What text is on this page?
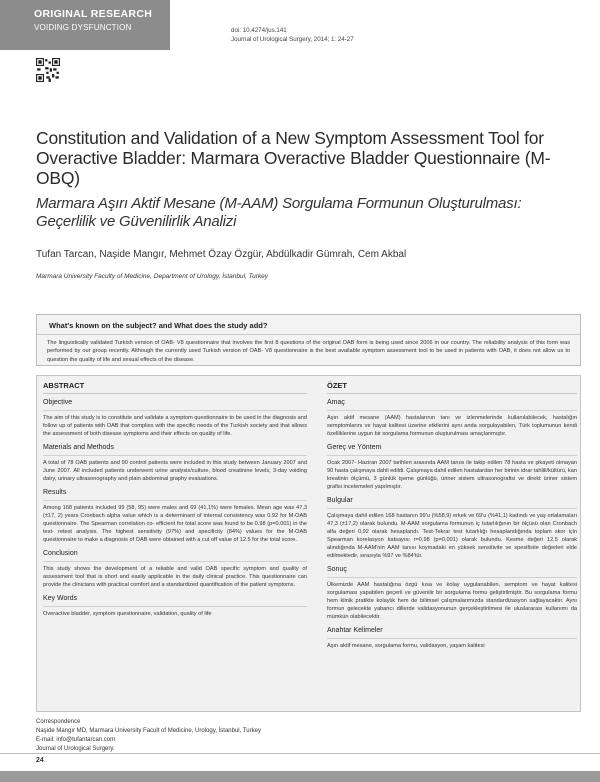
ORIGINAL RESEARCH
VOIDING DYSFUNCTION	doi: 10.4274/jus.141
Journal of Urological Surgery, 2014; 1: 24-27
Constitution and Validation of a New Symptom Assessment Tool for Overactive Bladder: Marmara Overactive Bladder Questionnaire (M-OBQ)
Marmara Aşırı Aktif Mesane (M-AAM) Sorgulama Formunun Oluşturulması: Geçerlilik ve Güvenilirlik Analizi
Tufan Tarcan, Naşide Mangır, Mehmet Özay Özgür, Abdülkadir Gümrah, Cem Akbal
Marmara University Faculty of Medicine, Department of Urology, İstanbul, Turkey
What's known on the subject? and What does the study add?
The linguistically validated Turkish version of OAB- V8 questionnaire that involves the first 8 questions of the original OAB form is being used since 2006 in our country. The reliability analysis of this form was performed by our group recently. Although the currently used Turkish version of OAB- V8 questionnaire is the best available symptom assessment tool to be used in patients with OAB, it does not allow us to question the quality of life and sexual effects of the disease.
ABSTRACT
Objective

The aim of this study is to constitute and validate a symptom questionnaire to be used in the diagnosis and follow up of patients with OAB that complies with the specific needs of the Turkish society and that allows the assessment of both disease symptoms and their effects on quality of life.

Materials and Methods

A total of 78 OAB patients and 90 control patients were included in this study between January 2007 and June 2007. All included patients underwent urine analysis/culture, blood creatinine levels, 3-day voiding dairy, urinary ultrasonography and plain abdominal graphy evaluations.

Results

Among 168 patients included 99 (58, 95) were males and 69 (41,1%) were females. Mean age was 47,3 (±17, 2) years Cronbach alpha value which is a determinant of internal consistency was 0.92 for M-OAB questionnaire. The Spearman correlation co- efficient for total score was found to be 0.98 (p=0.001) in the test- retest analysis. The highest sensitivity (97%) and specificity (84%) values for the M-OAB questionnaire to make a diagnosis of OAB were obtained with a cut off value of 12.5 for the total score.

Conclusion

This study shows the development of a reliable and valid OAB specific symptom and quality of assessment tool that is short and easily applicable in the daily clinical practice. This questionnaire can provide the clinicians with practical comfort and a standardized quantification of the patient symptoms.

Key Words

Overactive bladder, symptom questionnaire, validation, quality of life

ÖZET
Amaç

Aşırı aktif mesane (AAM) hastalarının tanı ve izlenmelerinde kullanılabilecek, hastalığın semptomlarını ve hayat kalitesi üzerine etkilerini aynı anda sorgulayabilen, Türk toplumunun kendi özelliklerine uygun bir sorgulama formunun oluşturulması amaçlanmıştır.

Gereç ve Yöntem

Ocak 2007- Haziran 2007 tarihleri arasında AAM tanısı ile takip edilen 78 hasta ve şikayeti olmayan 90 hasta çalışmaya dahil edildi. Çalışmaya dahil edilen hastalardan her birinin idrar tahlili/kültürü, kan kreatinin ölçümü, 3 günlük işeme günlüğü, üriner sistem ultrasonografisi ve direkt üriner sistem grafisi incelemeleri yapılmıştır.

Bulgular

Çalışmaya dahil edilen 168 hastanın 99'u (%58,9) erkek ve 69'u (%41,1) kadındı ve yaş ortalamaları 47,3 (±17,2) olarak bulundu. M-AAM sorgulama formunun iç tutarlılığının bir ölçüsü olan Cronbach alfa değeri 0,92 olarak hesaplandı. Test-Tekrar test tutarlılığı hesaplandığında toplam skor için Spearman korelasyon katsayısı r=0,98 (p=0,001) olarak bulundu. Kesme değeri 12,5 olarak alındığında M-AAM'nin AAM tanısı koymadaki en yüksek sensitivite ve spesifisite değerleri elde edilmektedir, sırasıyla %97 ve %84'tür.

Sonuç

Ülkemizde AAM hastalığına özgü kısa ve kolay uygulanabilen, semptom ve hayat kalitesi sorgulaması yapabilen geçerli ve güvenilir bir sorgulama formu geliştirilmiştir. Bu sorgulama formu hem klinik pratikte kolaylık hem de bilimsel çalışmalarımızda standardizasyon sağlayacaktır. Aynı formun gelecekte yabancı dillerde validasyonunun gerçekleştirilmesi ile uluslararası kullanımı da mümkün olabilecektir.

Anahtar Kelimeler

Aşırı aktif mesane, sorgulama formu, validasyon, yaşam kalitesi

Correspondence
Naşide Mangır MD, Marmara University Facult of Medicine, Urology, İstanbul, Turkey
E-mail: info@tufantarcan.com
Journal of Urological Surgery.
24
